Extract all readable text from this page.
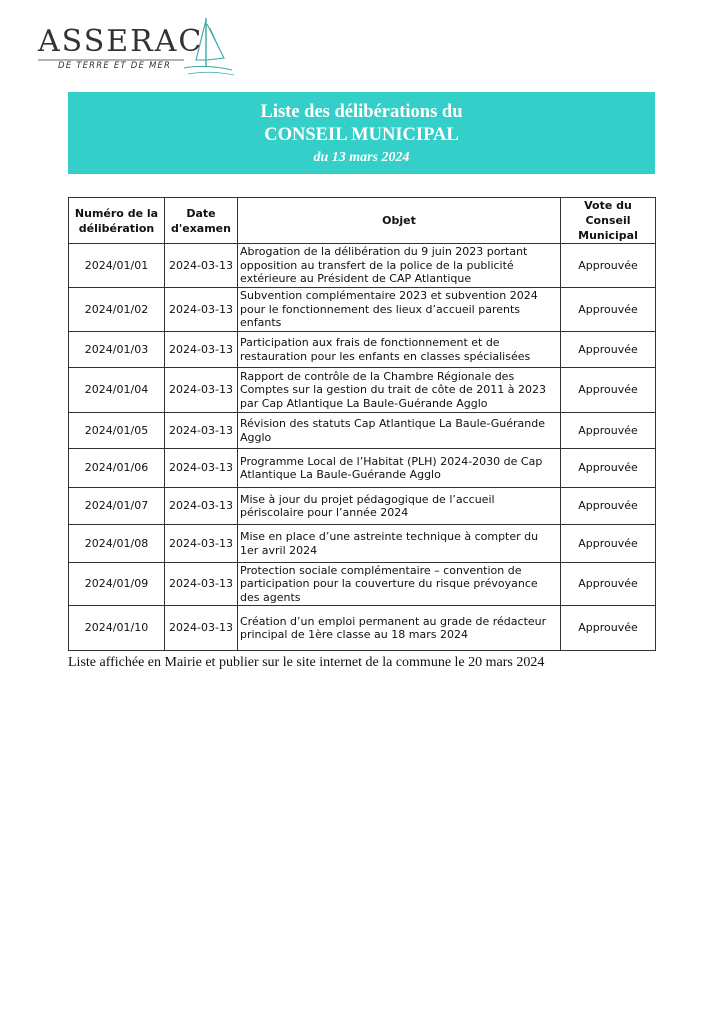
ASSERAC
DE TERRE ET DE MER
Liste des délibérations du
CONSEIL MUNICIPAL
du 13 mars 2024
Numéro de la délibération	Date d'examen	Objet	Vote du Conseil Municipal
2024/01/01	2024-03-13	Abrogation de la délibération du 9 juin 2023 portant opposition au transfert de la police de la publicité extérieure au Président de CAP Atlantique	Approuvée
2024/01/02	2024-03-13	Subvention complémentaire 2023 et subvention 2024 pour le fonctionnement des lieux d’accueil parents enfants	Approuvée
2024/01/03	2024-03-13	Participation aux frais de fonctionnement et de restauration pour les enfants en classes spécialisées	Approuvée
2024/01/04	2024-03-13	Rapport de contrôle de la Chambre Régionale des Comptes sur la gestion du trait de côte de 2011 à 2023 par Cap Atlantique La Baule-Guérande Agglo	Approuvée
2024/01/05	2024-03-13	Révision des statuts Cap Atlantique La Baule-Guérande Agglo	Approuvée
2024/01/06	2024-03-13	Programme Local de l’Habitat (PLH) 2024-2030 de Cap Atlantique La Baule-Guérande Agglo	Approuvée
2024/01/07	2024-03-13	Mise à jour du projet pédagogique de l’accueil périscolaire pour l’année 2024	Approuvée
2024/01/08	2024-03-13	Mise en place d’une astreinte technique à compter du 1er avril 2024	Approuvée
2024/01/09	2024-03-13	Protection sociale complémentaire – convention de participation pour la couverture du risque prévoyance des agents	Approuvée
2024/01/10	2024-03-13	Création d’un emploi permanent au grade de rédacteur principal de 1ère classe au 18 mars 2024	Approuvée
Liste affichée en Mairie et publier sur le site internet de la commune le 20 mars 2024
